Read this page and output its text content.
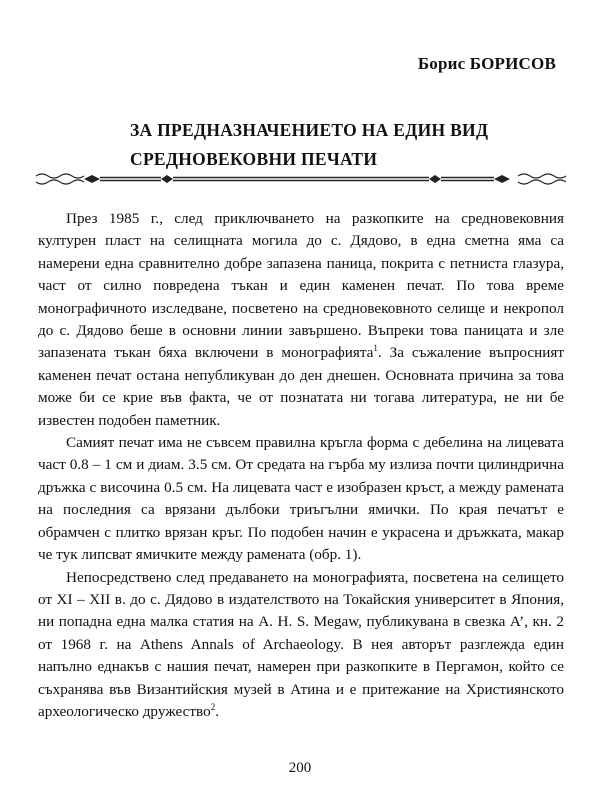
Борис БОРИСОВ
ЗА ПРЕДНАЗНАЧЕНИЕТО НА ЕДИН ВИД
СРЕДНОВЕКОВНИ ПЕЧАТИ

През 1985 г., след приключването на разкопките на средновековния културен пласт на селищната могила до с. Дядово, в една сметна яма са намерени една сравнително добре запазена паница, покрита с петниста глазура, част от силно повредена тъкан и един каменен печат. По това време монографичното изследване, посветено на средновековното селище и некропол до с. Дядово беше в основни линии завършено. Въпреки това паницата и зле запазената тъкан бяха включени в монографията$^1$. За съжаление въпросният каменен печат остана непубликуван до ден днешен. Основната причина за това може би се крие във факта, че от познатата ни тогава литература, не ни бе известен подобен паметник.

Самият печат има не съвсем правилна кръгла форма с дебелина на лицевата част 0.8 – 1 см и диам. 3.5 см. От средата на гърба му излиза почти цилиндрична дръжка с височина 0.5 см. На лицевата част е изобразен кръст, а между рамената на последния са врязани дълбоки триъгълни ямички. По края печатът е обрамчен с плитко врязан кръг. По подобен начин е украсена и дръжката, макар че тук липсват ямичките между рамената (обр. 1).

Непосредствено след предаването на монографията, посветена на селището от XI – XII в. до с. Дядово в издателството на Токайския университет в Япония, ни попадна една малка статия на A. H. S. Megaw, публикувана в свезка A’, кн. 2 от 1968 г. на Athens Annals of Archaeology. В нея авторът разглежда един напълно еднакъв с нашия печат, намерен при разкопките в Пергамон, който се съхранява във Византийския музей в Атина и е притежание на Християнското археологическо дружество$^2$.

200
